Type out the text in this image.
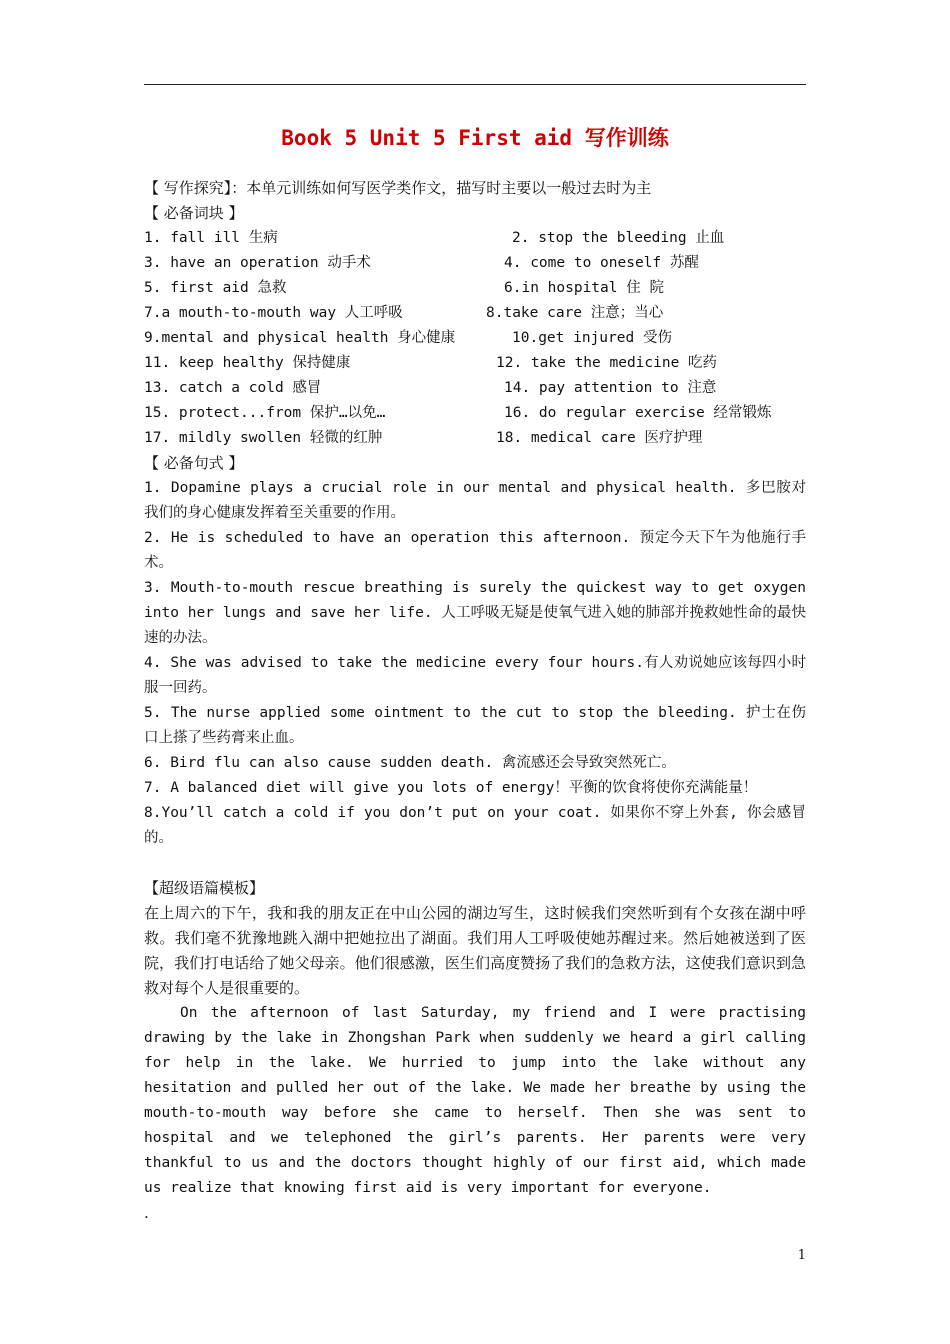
Book 5 Unit 5 First aid 写作训练
【 写作探究】：本单元训练如何写医学类作文，描写时主要以一般过去时为主
【 必备词块 】
1. fall ill 生病	2. stop the bleeding 止血
3. have an operation 动手术	4. come to oneself 苏醒
5. first aid 急救	6.in hospital 住 院
7.a mouth-to-mouth way 人工呼吸	8.take care 注意；当心
9.mental and physical health 身心健康	10.get injured 受伤
11. keep healthy 保持健康	12. take the medicine 吃药
13. catch a cold 感冒	14. pay attention to 注意
15. protect...from 保护…以免…	16. do regular exercise 经常锻炼
17. mildly swollen 轻微的红肿	18. medical care 医疗护理
【 必备句式 】

1. Dopamine plays a crucial role in our mental and physical health. 多巴胺对我们的身心健康发挥着至关重要的作用。

2. He is scheduled to have an operation this afternoon. 预定今天下午为他施行手术。

3. Mouth-to-mouth rescue breathing is surely the quickest way to get oxygen into her lungs and save her life. 人工呼吸无疑是使氧气进入她的肺部并挽救她性命的最快速的办法。

4. She was advised to take the medicine every four hours.有人劝说她应该每四小时服一回药。

5. The nurse applied some ointment to the cut to stop the bleeding. 护士在伤口上搽了些药膏来止血。

6. Bird flu can also cause sudden death. 禽流感还会导致突然死亡。

7. A balanced diet will give you lots of energy！平衡的饮食将使你充满能量！

8.You’ll catch a cold if you don’t put on your coat. 如果你不穿上外套, 你会感冒的。

【超级语篇模板】

在上周六的下午，我和我的朋友正在中山公园的湖边写生，这时候我们突然听到有个女孩在湖中呼救。我们毫不犹豫地跳入湖中把她拉出了湖面。我们用人工呼吸使她苏醒过来。然后她被送到了医院，我们打电话给了她父母亲。他们很感激，医生们高度赞扬了我们的急救方法，这使我们意识到急救对每个人是很重要的。

On the afternoon of last Saturday, my friend and I were practising drawing by the lake in Zhongshan Park when suddenly we heard a girl calling for help in the lake. We hurried to jump into the lake without any hesitation and pulled her out of the lake. We made her breathe by using the mouth-to-mouth way before she came to herself. Then she was sent to hospital and we telephoned the girl’s parents. Her parents were very thankful to us and the doctors thought highly of our first aid, which made us realize that knowing first aid is very important for everyone.

.
1
